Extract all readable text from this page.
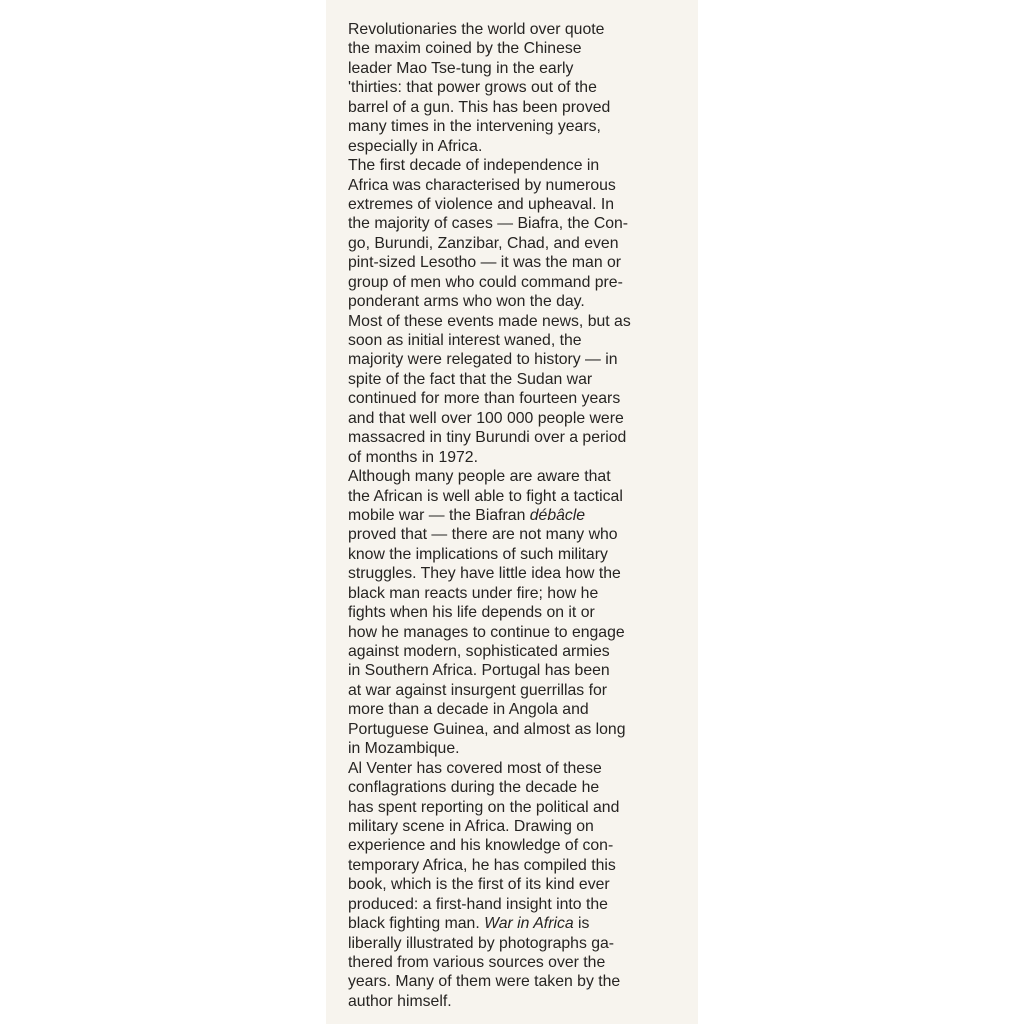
Revolutionaries the world over quote
the maxim coined by the Chinese
leader Mao Tse-tung in the early
'thirties: that power grows out of the
barrel of a gun. This has been proved
many times in the intervening years,
especially in Africa.
The first decade of independence in
Africa was characterised by numerous
extremes of violence and upheaval. In
the majority of cases — Biafra, the Con-
go, Burundi, Zanzibar, Chad, and even
pint-sized Lesotho — it was the man or
group of men who could command pre-
ponderant arms who won the day.
Most of these events made news, but as
soon as initial interest waned, the
majority were relegated to history — in
spite of the fact that the Sudan war
continued for more than fourteen years
and that well over 100 000 people were
massacred in tiny Burundi over a period
of months in 1972.
Although many people are aware that
the African is well able to fight a tactical
mobile war — the Biafran débâcle
proved that — there are not many who
know the implications of such military
struggles. They have little idea how the
black man reacts under fire; how he
fights when his life depends on it or
how he manages to continue to engage
against modern, sophisticated armies
in Southern Africa. Portugal has been
at war against insurgent guerrillas for
more than a decade in Angola and
Portuguese Guinea, and almost as long
in Mozambique.
Al Venter has covered most of these
conflagrations during the decade he
has spent reporting on the political and
military scene in Africa. Drawing on
experience and his knowledge of con-
temporary Africa, he has compiled this
book, which is the first of its kind ever
produced: a first-hand insight into the
black fighting man. War in Africa is
liberally illustrated by photographs ga-
thered from various sources over the
years. Many of them were taken by the
author himself.
